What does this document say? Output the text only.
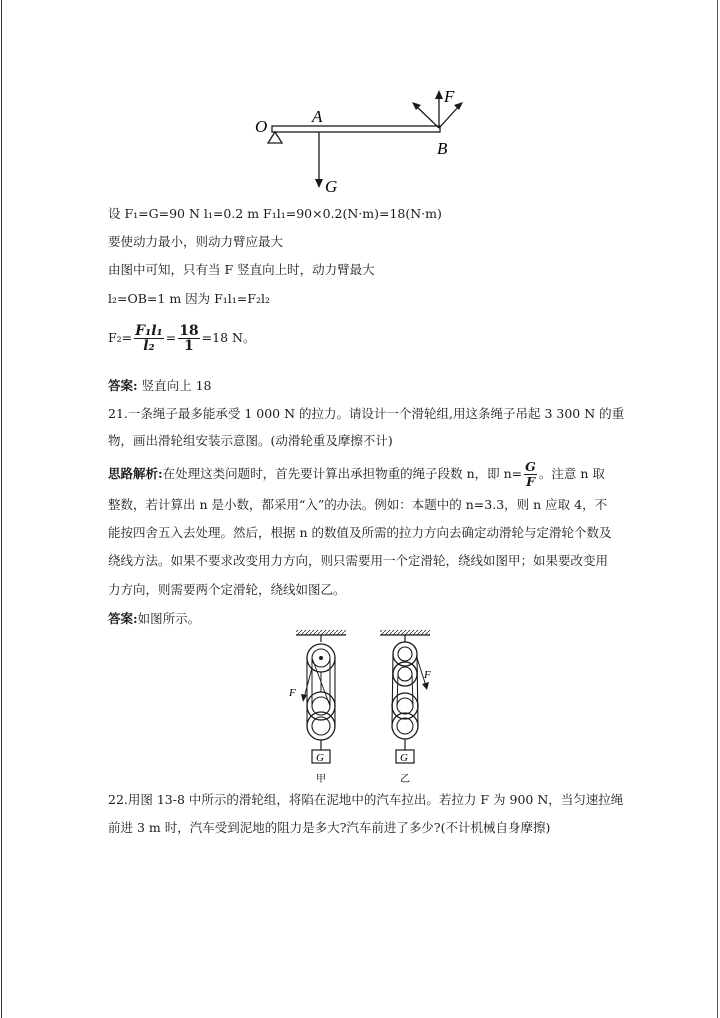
O
A
B
F
G
设 F₁=G=90 N l₁=0.2 m F₁l₁=90×0.2(N·m)=18(N·m)
要使动力最小，则动力臂应最大
由图中可知，只有当 F 竖直向上时，动力臂最大
l₂=OB=1 m 因为 F₁l₁=F₂l₂
$F_2= \frac{\text{F₁l₁}}{\text{l₂}} = \frac{18}{1} =18$ N。
答案: 竖直向上 18
21.一条绳子最多能承受 1 000 N 的拉力。请设计一个滑轮组,用这条绳子吊起 3 300 N 的重
物，画出滑轮组安装示意图。(动滑轮重及摩擦不计)
思路解析:在处理这类问题时，首先要计算出承担物重的绳子段数 n，即 $n= \frac{G}{F}$ 。注意 n 取
整数，若计算出 n 是小数，都采用“入”的办法。例如：本题中的 n=3.3，则 n 应取 4，不
能按四舍五入去处理。然后，根据 n 的数值及所需的拉力方向去确定动滑轮与定滑轮个数及
绕线方法。如果不要求改变用力方向，则只需要用一个定滑轮，绕线如图甲；如果要改变用
力方向，则需要两个定滑轮，绕线如图乙。
答案:如图所示。
G
F
甲
G
F
乙
22.用图 13-8 中所示的滑轮组，将陷在泥地中的汽车拉出。若拉力 F 为 900 N，当匀速拉绳
前进 3 m 时，汽车受到泥地的阻力是多大?汽车前进了多少?(不计机械自身摩擦)
